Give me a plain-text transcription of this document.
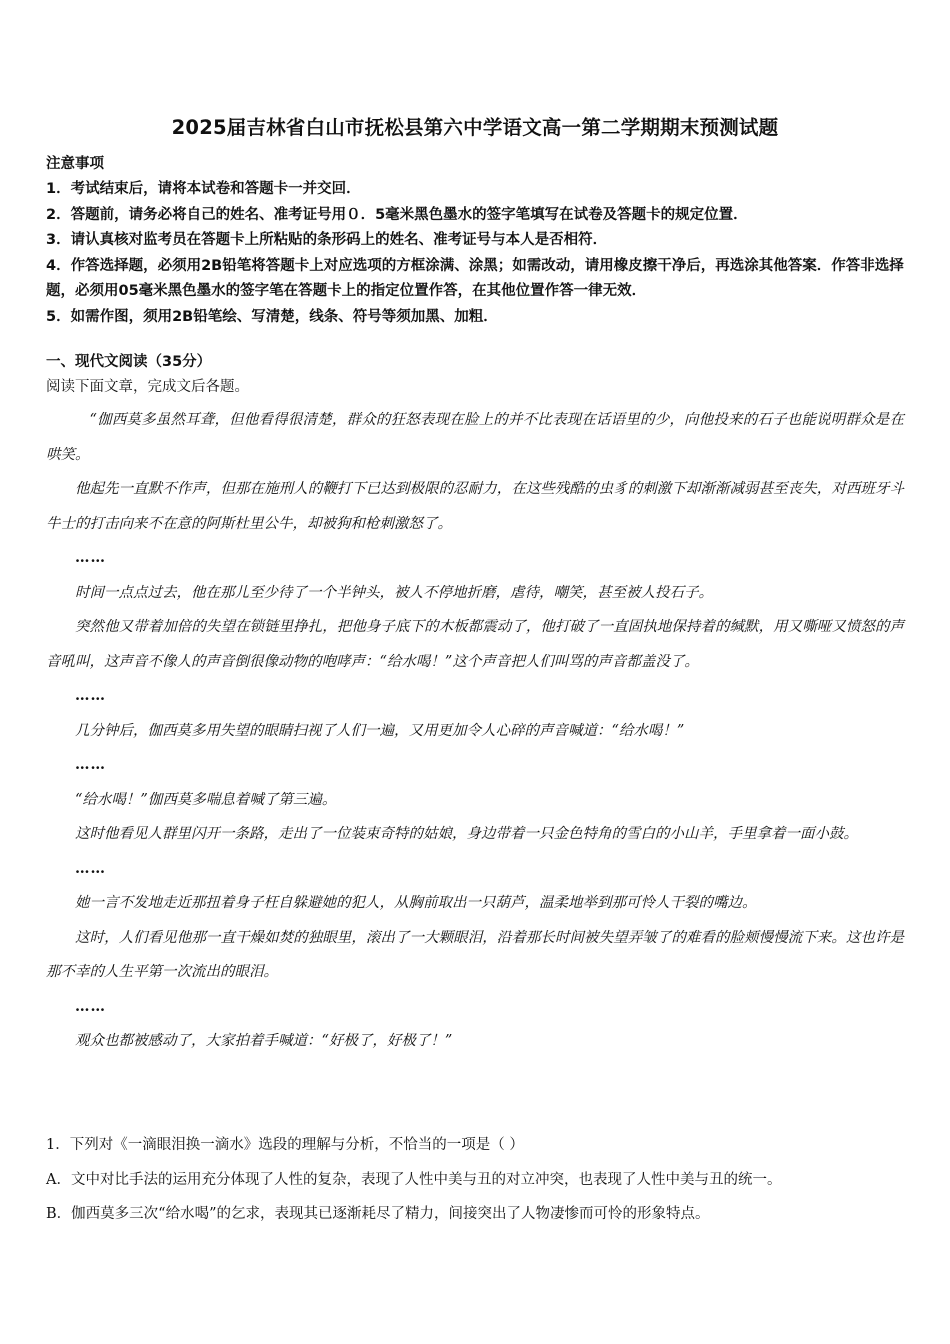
2025届吉林省白山市抚松县第六中学语文高一第二学期期末预测试题
注意事项

1．考试结束后，请将本试卷和答题卡一并交回．

2．答题前，请务必将自己的姓名、准考证号用０．5毫米黑色墨水的签字笔填写在试卷及答题卡的规定位置．

3．请认真核对监考员在答题卡上所粘贴的条形码上的姓名、准考证号与本人是否相符．

4．作答选择题，必须用2B铅笔将答题卡上对应选项的方框涂满、涂黑；如需改动，请用橡皮擦干净后，再选涂其他答案．作答非选择题，必须用05毫米黑色墨水的签字笔在答题卡上的指定位置作答，在其他位置作答一律无效．

5．如需作图，须用2B铅笔绘、写清楚，线条、符号等须加黑、加粗．

一、现代文阅读（35分）
阅读下面文章，完成文后各题。

“伽西莫多虽然耳聋，但他看得很清楚，群众的狂怒表现在脸上的并不比表现在话语里的少，向他投来的石子也能说明群众是在哄笑。

他起先一直默不作声，但那在施刑人的鞭打下已达到极限的忍耐力，在这些残酷的虫豸的刺激下却渐渐减弱甚至丧失，对西班牙斗牛士的打击向来不在意的阿斯杜里公牛，却被狗和枪刺激怒了。

……

时间一点点过去，他在那儿至少待了一个半钟头，被人不停地折磨，虐待，嘲笑，甚至被人投石子。

突然他又带着加倍的失望在锁链里挣扎，把他身子底下的木板都震动了，他打破了一直固执地保持着的缄默，用又嘶哑又愤怒的声音吼叫，这声音不像人的声音倒很像动物的咆哮声：“给水喝！”这个声音把人们叫骂的声音都盖没了。

……

几分钟后，伽西莫多用失望的眼睛扫视了人们一遍，又用更加令人心碎的声音喊道：“给水喝！”

……

“给水喝！”伽西莫多喘息着喊了第三遍。

这时他看见人群里闪开一条路，走出了一位装束奇特的姑娘，身边带着一只金色特角的雪白的小山羊，手里拿着一面小鼓。

……

她一言不发地走近那扭着身子枉自躲避她的犯人，从胸前取出一只葫芦，温柔地举到那可怜人干裂的嘴边。

这时，人们看见他那一直干燥如焚的独眼里，滚出了一大颗眼泪，沿着那长时间被失望弄皱了的难看的脸颊慢慢流下来。这也许是那不幸的人生平第一次流出的眼泪。

……

观众也都被感动了，大家拍着手喊道：“好极了，好极了！”

1．下列对《一滴眼泪换一滴水》选段的理解与分析，不恰当的一项是（ ）

A．文中对比手法的运用充分体现了人性的复杂，表现了人性中美与丑的对立冲突，也表现了人性中美与丑的统一。

B．伽西莫多三次“给水喝”的乞求，表现其已逐渐耗尽了精力，间接突出了人物凄惨而可怜的形象特点。
